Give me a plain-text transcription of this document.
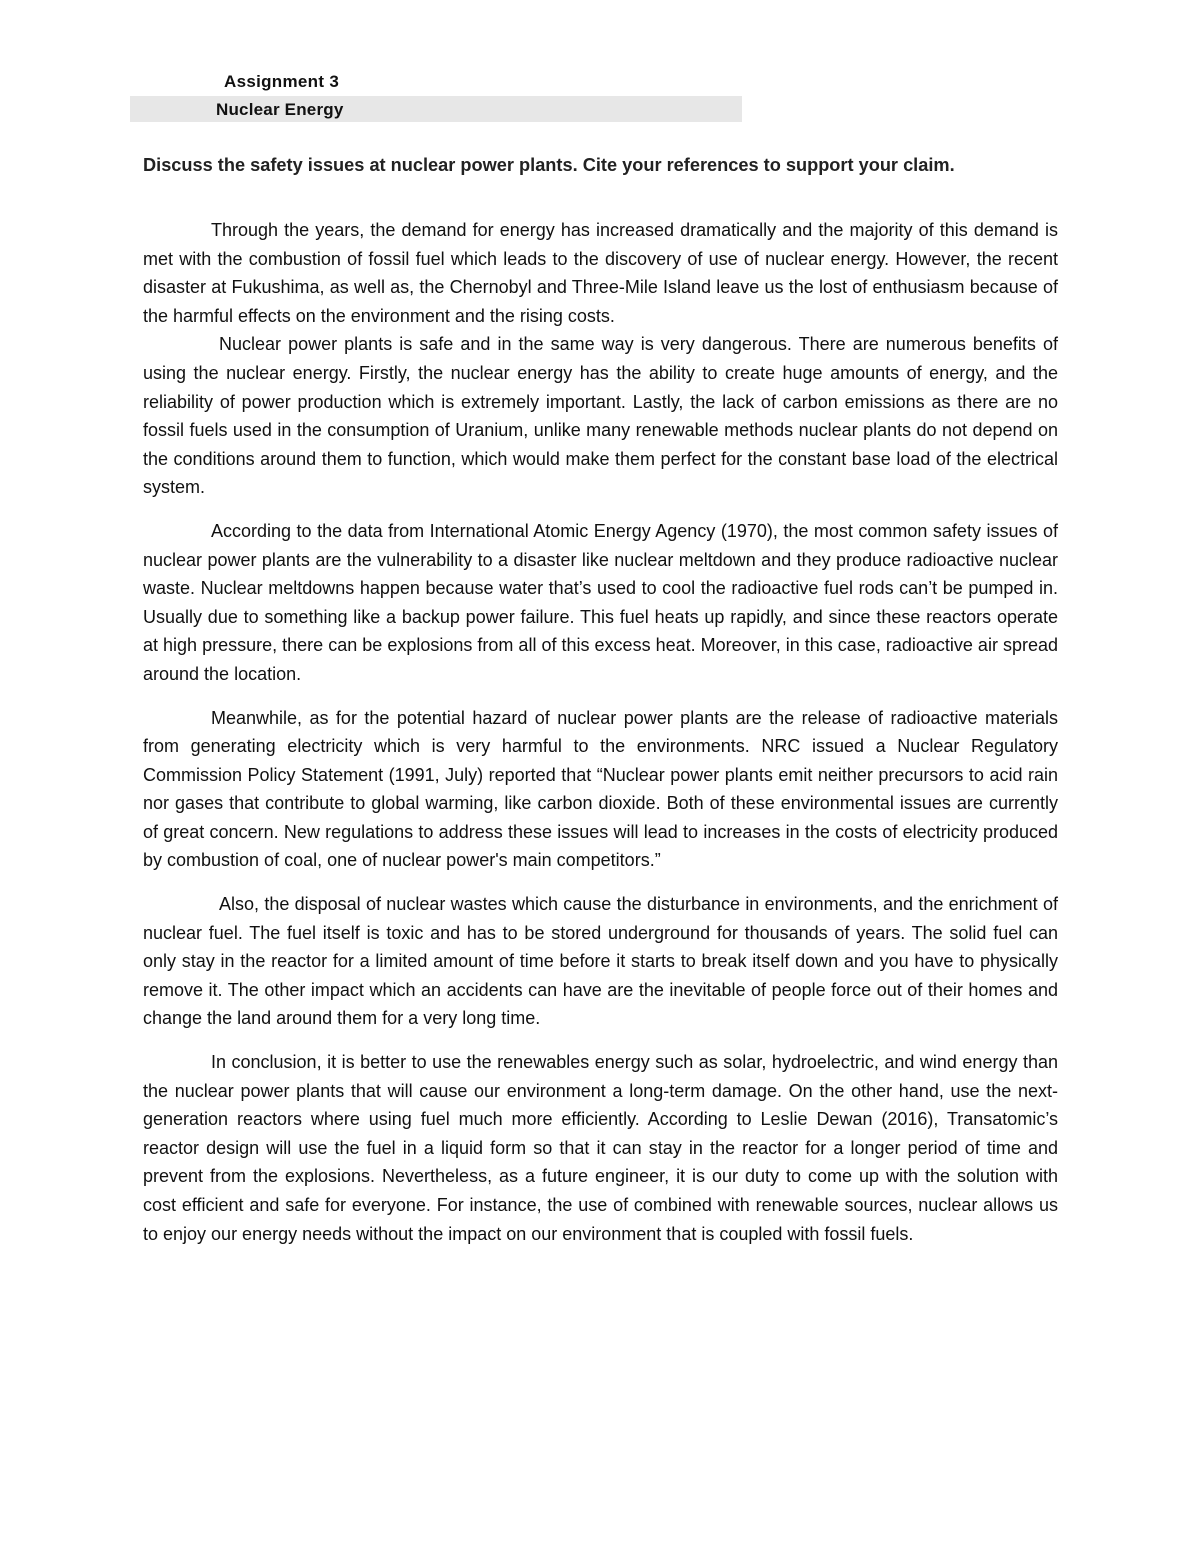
Assignment 3
Nuclear Energy
Discuss the safety issues at nuclear power plants. Cite your references to support your claim.

Through the years, the demand for energy has increased dramatically and the majority of this demand is met with the combustion of fossil fuel which leads to the discovery of use of nuclear energy. However, the recent disaster at Fukushima, as well as, the Chernobyl and Three-Mile Island leave us the lost of enthusiasm because of the harmful effects on the environment and the rising costs.

Nuclear power plants is safe and in the same way is very dangerous. There are numerous benefits of using the nuclear energy. Firstly, the nuclear energy has the ability to create huge amounts of energy, and the reliability of power production which is extremely important. Lastly, the lack of carbon emissions as there are no fossil fuels used in the consumption of Uranium, unlike many renewable methods nuclear plants do not depend on the conditions around them to function, which would make them perfect for the constant base load of the electrical system.

According to the data from International Atomic Energy Agency (1970), the most common safety issues of nuclear power plants are the vulnerability to a disaster like nuclear meltdown and they produce radioactive nuclear waste. Nuclear meltdowns happen because water that’s used to cool the radioactive fuel rods can’t be pumped in. Usually due to something like a backup power failure. This fuel heats up rapidly, and since these reactors operate at high pressure, there can be explosions from all of this excess heat. Moreover, in this case, radioactive air spread around the location.

Meanwhile, as for the potential hazard of nuclear power plants are the release of radioactive materials from generating electricity which is very harmful to the environments. NRC issued a Nuclear Regulatory Commission Policy Statement (1991, July) reported that “Nuclear power plants emit neither precursors to acid rain nor gases that contribute to global warming, like carbon dioxide. Both of these environmental issues are currently of great concern. New regulations to address these issues will lead to increases in the costs of electricity produced by combustion of coal, one of nuclear power's main competitors.”

Also, the disposal of nuclear wastes which cause the disturbance in environments, and the enrichment of nuclear fuel. The fuel itself is toxic and has to be stored underground for thousands of years. The solid fuel can only stay in the reactor for a limited amount of time before it starts to break itself down and you have to physically remove it. The other impact which an accidents can have are the inevitable of people force out of their homes and change the land around them for a very long time.

In conclusion, it is better to use the renewables energy such as solar, hydroelectric, and wind energy than the nuclear power plants that will cause our environment a long-term damage. On the other hand, use the next-generation reactors where using fuel much more efficiently. According to Leslie Dewan (2016), Transatomic’s reactor design will use the fuel in a liquid form so that it can stay in the reactor for a longer period of time and prevent from the explosions. Nevertheless, as a future engineer, it is our duty to come up with the solution with cost efficient and safe for everyone. For instance, the use of combined with renewable sources, nuclear allows us to enjoy our energy needs without the impact on our environment that is coupled with fossil fuels.
